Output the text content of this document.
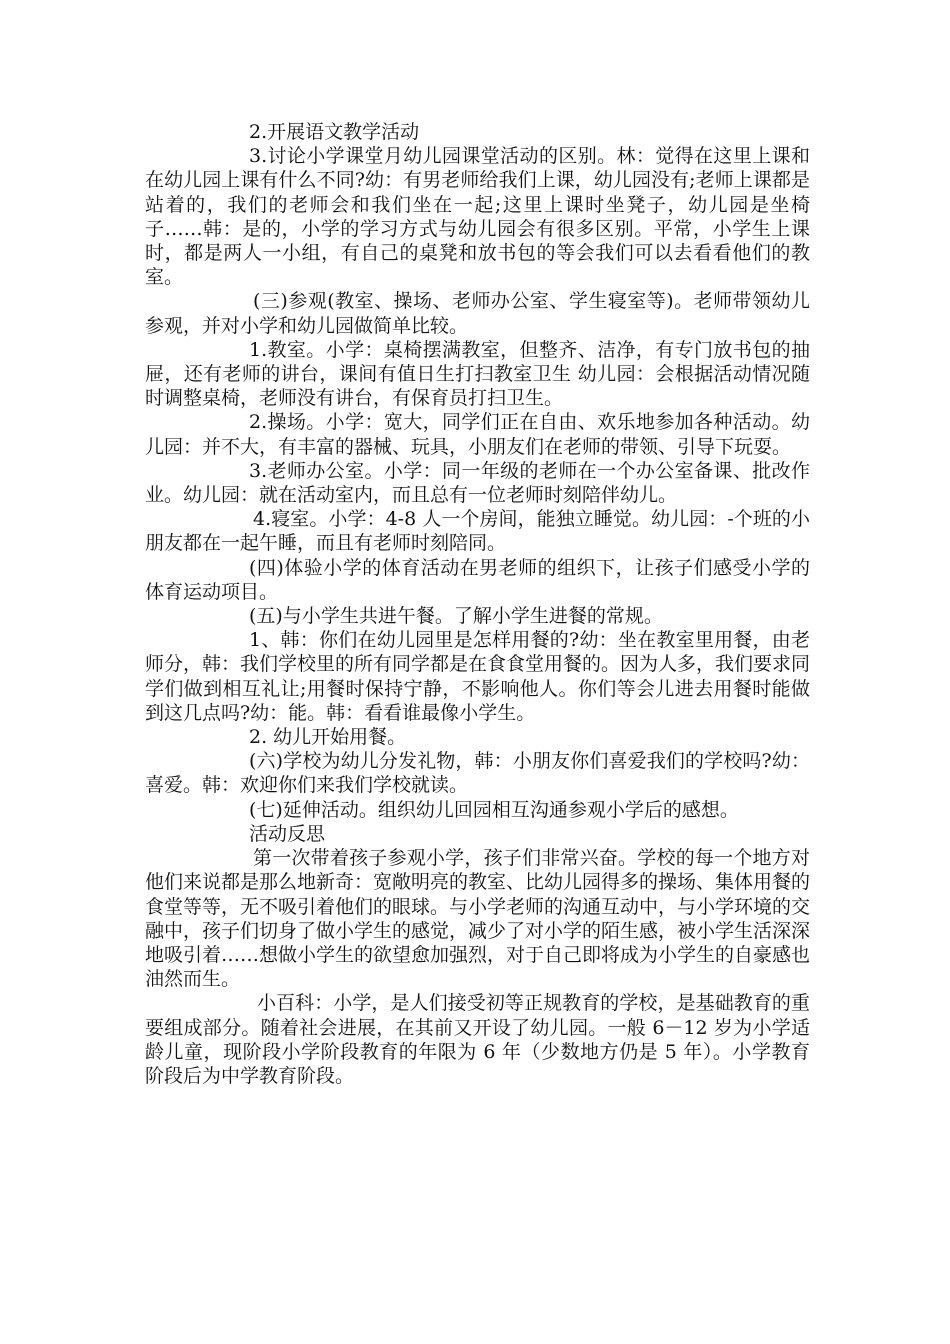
2.开展语文教学活动

3.讨论小学课堂月幼儿园课堂活动的区别。林：觉得在这里上课和在幼儿园上课有什么不同?幼：有男老师给我们上课，幼儿园没有;老师上课都是站着的，我们的老师会和我们坐在一起;这里上课时坐凳子，幼儿园是坐椅子……韩：是的，小学的学习方式与幼儿园会有很多区别。平常，小学生上课时，都是两人一小组，有自己的桌凳和放书包的等会我们可以去看看他们的教室。

(三)参观(教室、操场、老师办公室、学生寝室等)。老师带领幼儿参观，并对小学和幼儿园做简单比较。

1.教室。小学：桌椅摆满教室，但整齐、洁净，有专门放书包的抽屉，还有老师的讲台，课间有值日生打扫教室卫生 幼儿园：会根据活动情况随时调整桌椅，老师没有讲台，有保育员打扫卫生。

2.操场。小学：宽大，同学们正在自由、欢乐地参加各种活动。幼儿园：并不大，有丰富的器械、玩具，小朋友们在老师的带领、引导下玩耍。

3.老师办公室。小学：同一年级的老师在一个办公室备课、批改作业。幼儿园：就在活动室内，而且总有一位老师时刻陪伴幼儿。

4.寝室。小学：4-8 人一个房间，能独立睡觉。幼儿园：-个班的小朋友都在一起午睡，而且有老师时刻陪同。

(四)体验小学的体育活动在男老师的组织下，让孩子们感受小学的体育运动项目。

(五)与小学生共进午餐。了解小学生进餐的常规。

1、韩：你们在幼儿园里是怎样用餐的?幼：坐在教室里用餐，由老师分，韩：我们学校里的所有同学都是在食食堂用餐的。因为人多，我们要求同学们做到相互礼让;用餐时保持宁静，不影响他人。你们等会儿进去用餐时能做到这几点吗?幼：能。韩：看看谁最像小学生。

2. 幼儿开始用餐。

(六)学校为幼儿分发礼物，韩：小朋友你们喜爱我们的学校吗?幼：喜爱。韩：欢迎你们来我们学校就读。

(七)延伸活动。组织幼儿回园相互沟通参观小学后的感想。

活动反思

第一次带着孩子参观小学，孩子们非常兴奋。学校的每一个地方对他们来说都是那么地新奇：宽敞明亮的教室、比幼儿园得多的操场、集体用餐的食堂等等，无不吸引着他们的眼球。与小学老师的沟通互动中，与小学环境的交融中，孩子们切身了做小学生的感觉，减少了对小学的陌生感，被小学生活深深地吸引着……想做小学生的欲望愈加强烈，对于自己即将成为小学生的自豪感也油然而生。

小百科：小学，是人们接受初等正规教育的学校，是基础教育的重要组成部分。随着社会进展，在其前又开设了幼儿园。一般 6－12 岁为小学适龄儿童，现阶段小学阶段教育的年限为 6 年（少数地方仍是 5 年）。小学教育阶段后为中学教育阶段。
